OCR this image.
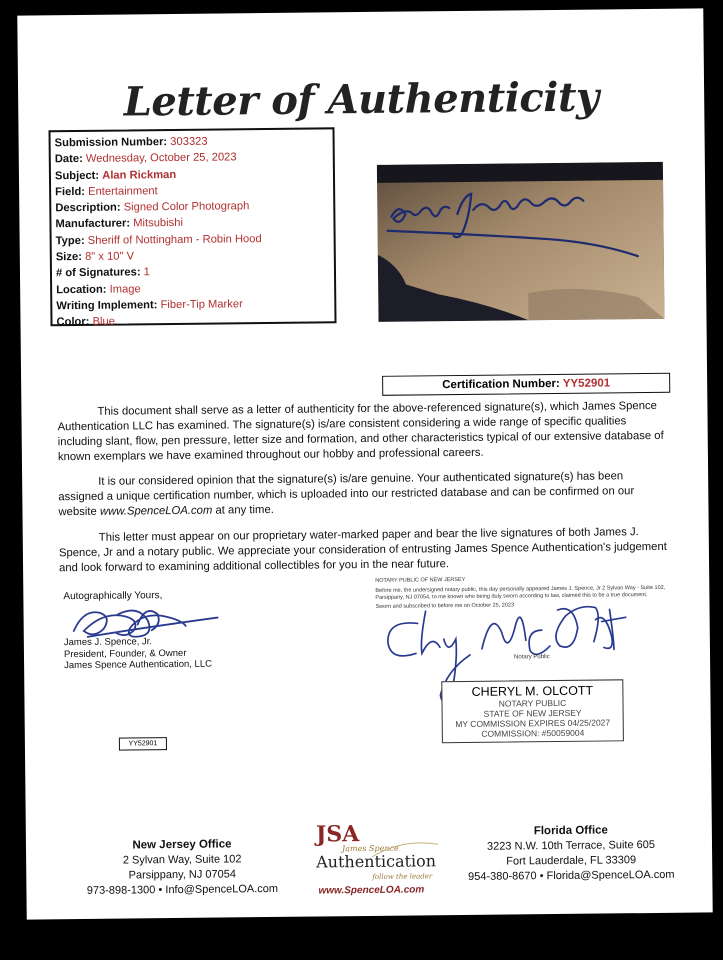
Letter of Authenticity
Submission Number: 303323
Date: Wednesday, October 25, 2023
Subject: Alan Rickman
Field: Entertainment
Description: Signed Color Photograph
Manufacturer: Mitsubishi
Type: Sheriff of Nottingham - Robin Hood
Size: 8" x 10" V
# of Signatures: 1
Location: Image
Writing Implement: Fiber-Tip Marker
Color: Blue
Certification Number: YY52901
This document shall serve as a letter of authenticity for the above-referenced signature(s), which James Spence Authentication LLC has examined. The signature(s) is/are consistent considering a wide range of specific qualities including slant, flow, pen pressure, letter size and formation, and other characteristics typical of our extensive database of known exemplars we have examined throughout our hobby and professional careers.
It is our considered opinion that the signature(s) is/are genuine. Your authenticated signature(s) has been assigned a unique certification number, which is uploaded into our restricted database and can be confirmed on our website www.SpenceLOA.com at any time.
This letter must appear on our proprietary water-marked paper and bear the live signatures of both James J. Spence, Jr and a notary public. We appreciate your consideration of entrusting James Spence Authentication's judgement and look forward to examining additional collectibles for you in the near future.
Autographically Yours,
James J. Spence, Jr.
President, Founder, & Owner
James Spence Authentication, LLC
YY52901
NOTARY PUBLIC OF NEW JERSEY
Before me, the undersigned notary public, this day personally appeared James J. Spence, Jr 2 Sylvan Way - Suite 102, Parsippany, NJ 07054, to me known who being duly sworn according to law, claimed this to be a true document.
Sworn and subscribed to before me on October 25, 2023
Notary Public
CHERYL M. OLCOTT
NOTARY PUBLIC
STATE OF NEW JERSEY
MY COMMISSION EXPIRES 04/25/2027
COMMISSION: #50059004
New Jersey Office
2 Sylvan Way, Suite 102
Parsippany, NJ 07054
973-898-1300 • Info@SpenceLOA.com
JSA
James Spence
Authentication
follow the leader
www.SpenceLOA.com
Florida Office
3223 N.W. 10th Terrace, Suite 605
Fort Lauderdale, FL 33309
954-380-8670 • Florida@SpenceLOA.com
